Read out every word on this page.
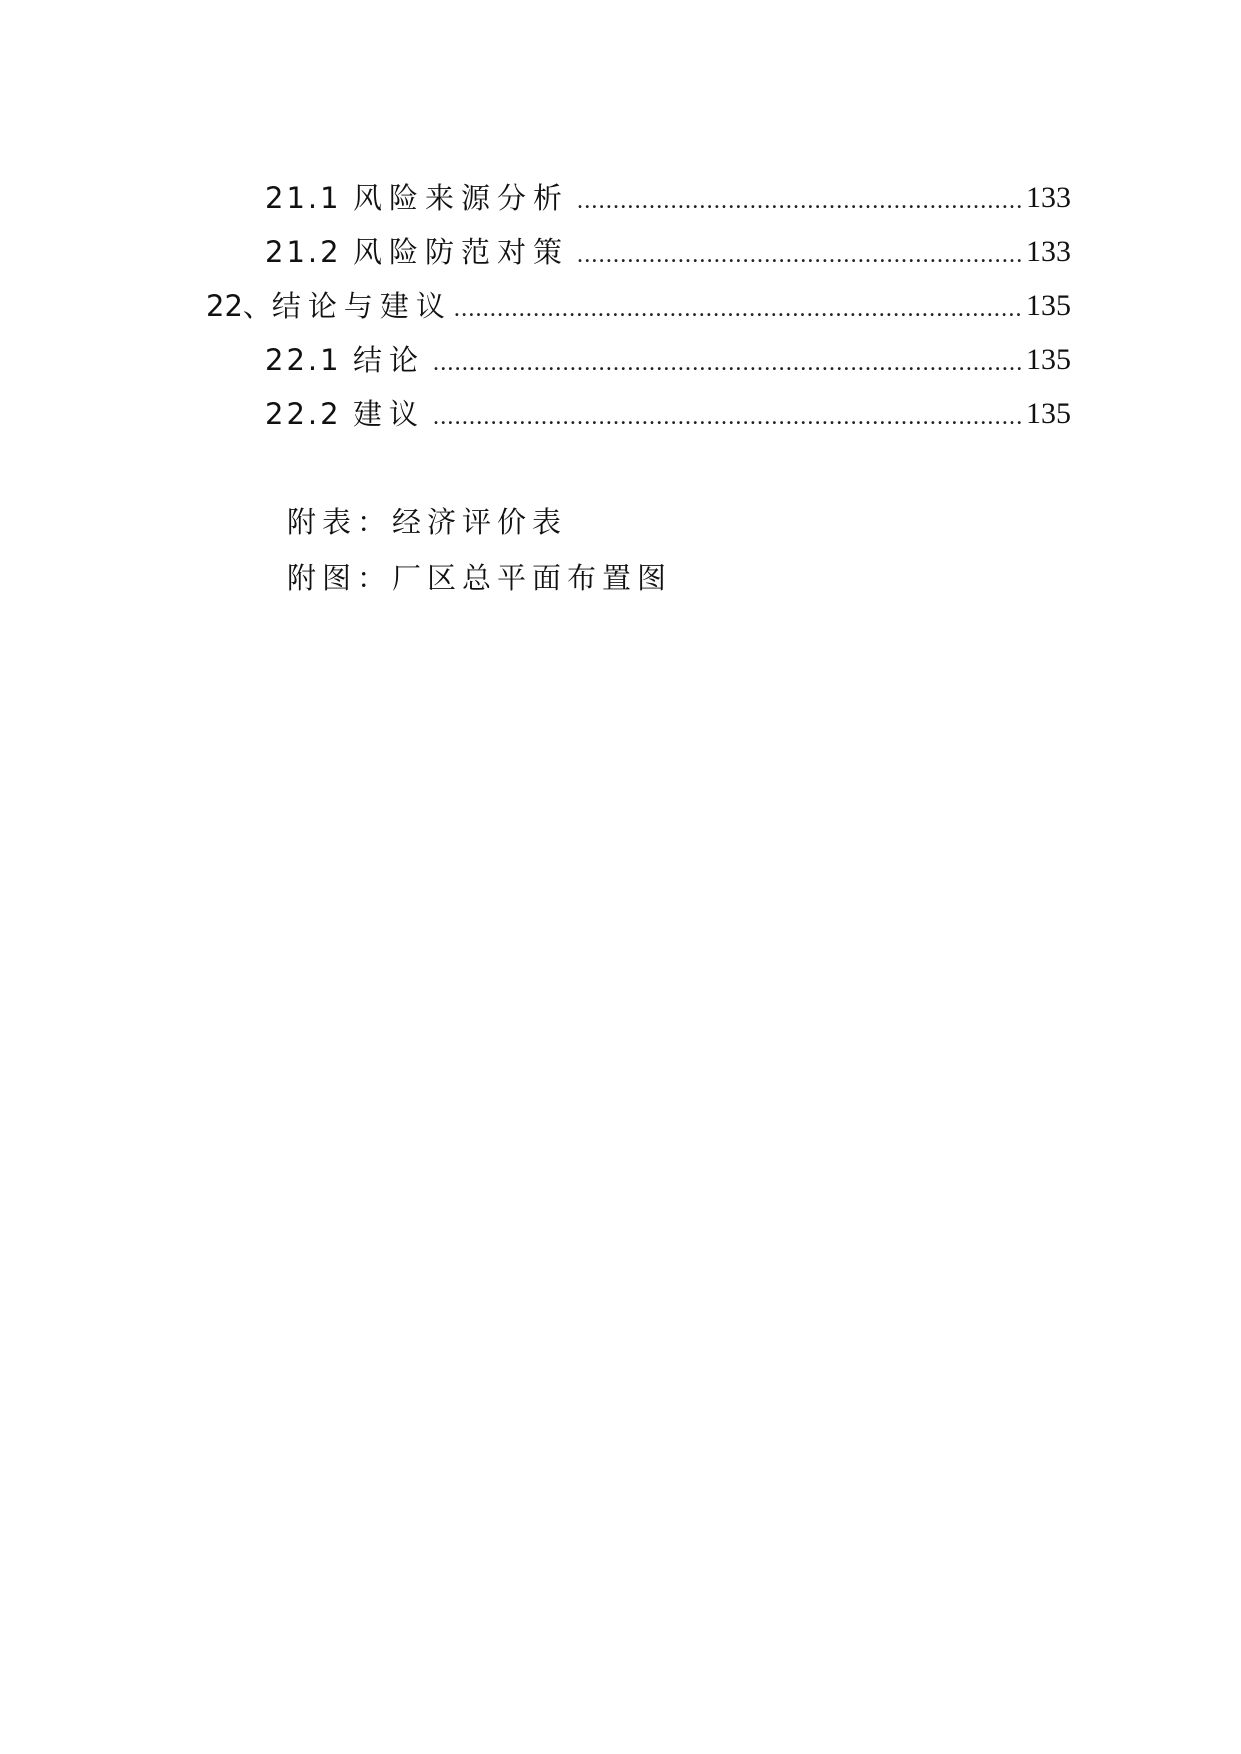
21.1 风险来源分析 .....	133
21.2 风险防范对策 .....	133
22、 结论与建议 .....	135
22.1 结论 .....	135
22.2 建议 .....	135
附表：经济评价表
附图：厂区总平面布置图
